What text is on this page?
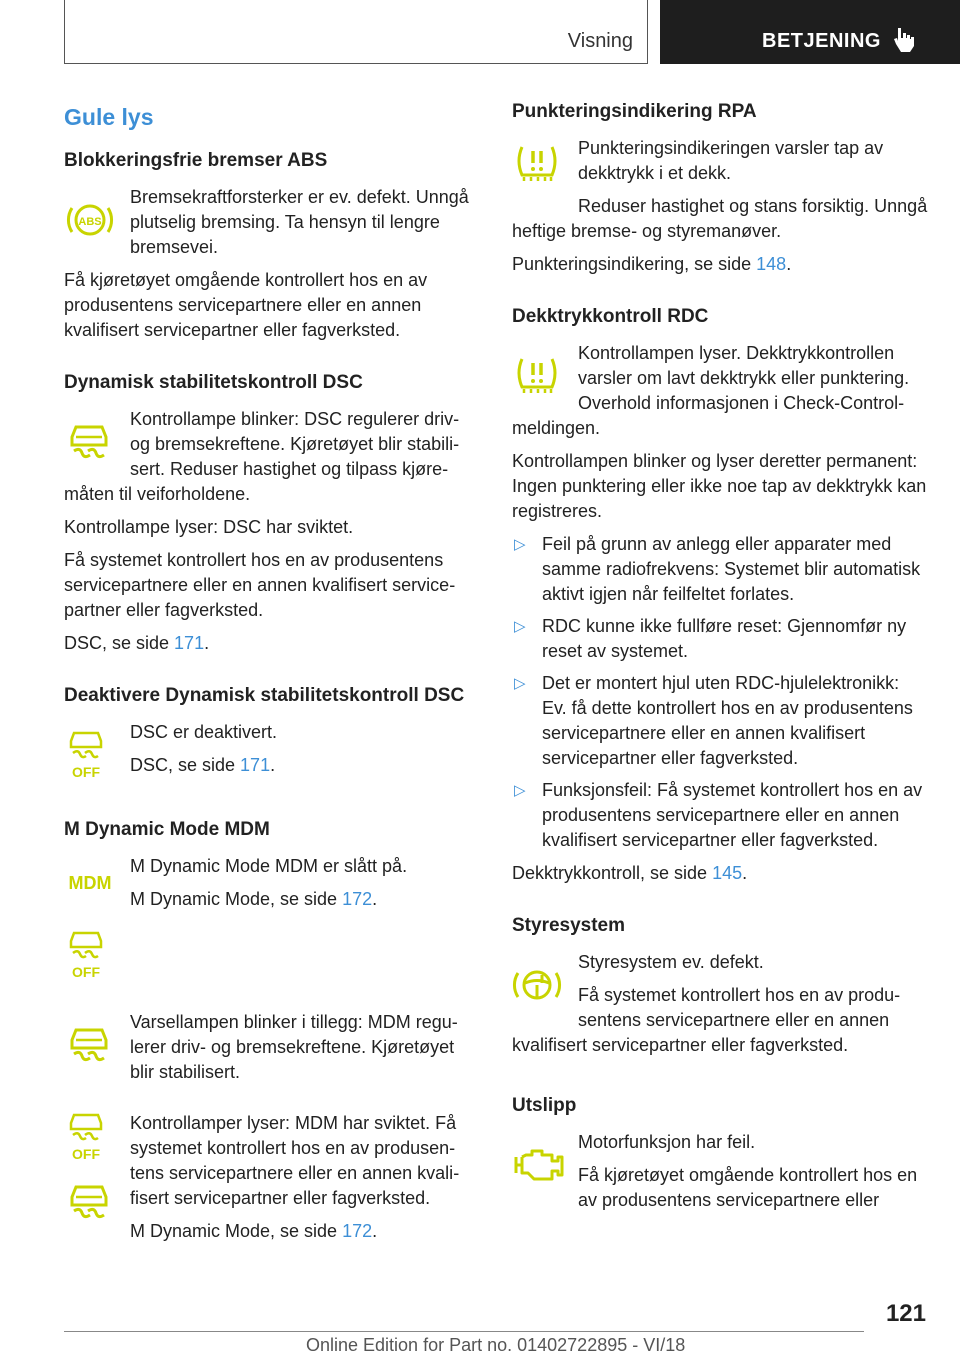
Visning	BETJENING
Gule lys
Blokkeringsfrie bremser ABS
ABS

Bremsekraftforsterker er ev. defekt. Unngå plutselig bremsing. Ta hensyn til lengre bremsevei.

Få kjøretøyet omgående kontrollert hos en av produsentens servicepartnere eller en annen kvalifisert servicepartner eller fagverksted.

Dynamisk stabilitetskontroll DSC

Kontrollampe blinker: DSC regulerer driv- og bremsekreftene. Kjøretøyet blir stabilisert. Reduser hastighet og tilpass kjøremåten til veiforholdene.

Kontrollampe lyser: DSC har sviktet.

Få systemet kontrollert hos en av produsentens servicepartnere eller en annen kvalifisert servicepartner eller fagverksted.

DSC, se side 171.

Deaktivere Dynamisk stabilitetskontroll DSC
OFF

DSC er deaktivert.

DSC, se side 171.

M Dynamic Mode MDM
MDM

M Dynamic Mode MDM er slått på.

M Dynamic Mode, se side 172.

OFF

Varsellampen blinker i tillegg: MDM regulerer driv- og bremsekreftene. Kjøretøyet blir stabilisert.

OFF

Kontrollamper lyser: MDM har sviktet. Få systemet kontrollert hos en av produsentens servicepartnere eller en annen kvalifisert servicepartner eller fagverksted.

M Dynamic Mode, se side 172.

Punkteringsindikering RPA

Punkteringsindikeringen varsler tap av dekktrykk i et dekk.

Reduser hastighet og stans forsiktig. Unngå heftige bremse- og styremanøver.

Punkteringsindikering, se side 148.

Dekktrykkontroll RDC

Kontrollampen lyser. Dekktrykkontrollen varsler om lavt dekktrykk eller punktering. Overhold informasjonen i Check-Control-meldingen.

Kontrollampen blinker og lyser deretter permanent: Ingen punktering eller ikke noe tap av dekktrykk kan registreres.

▷ Feil på grunn av anlegg eller apparater med samme radiofrekvens: Systemet blir automatisk aktivt igjen når feilfeltet forlates.
▷ RDC kunne ikke fullføre reset: Gjennomfør ny reset av systemet.
▷ Det er montert hjul uten RDC-hjulelektronikk: Ev. få dette kontrollert hos en av produsentens servicepartnere eller en annen kvalifisert servicepartner eller fagverksted.
▷ Funksjonsfeil: Få systemet kontrollert hos en av produsentens servicepartnere eller en annen kvalifisert servicepartner eller fagverksted.

Dekktrykkontroll, se side 145.

Styresystem

Styresystem ev. defekt.

Få systemet kontrollert hos en av produsentens servicepartnere eller en annen kvalifisert servicepartner eller fagverksted.

Utslipp

Motorfunksjon har feil.

Få kjøretøyet omgående kontrollert hos en av produsentens servicepartnere eller

121
Online Edition for Part no. 01402722895 - VI/18
